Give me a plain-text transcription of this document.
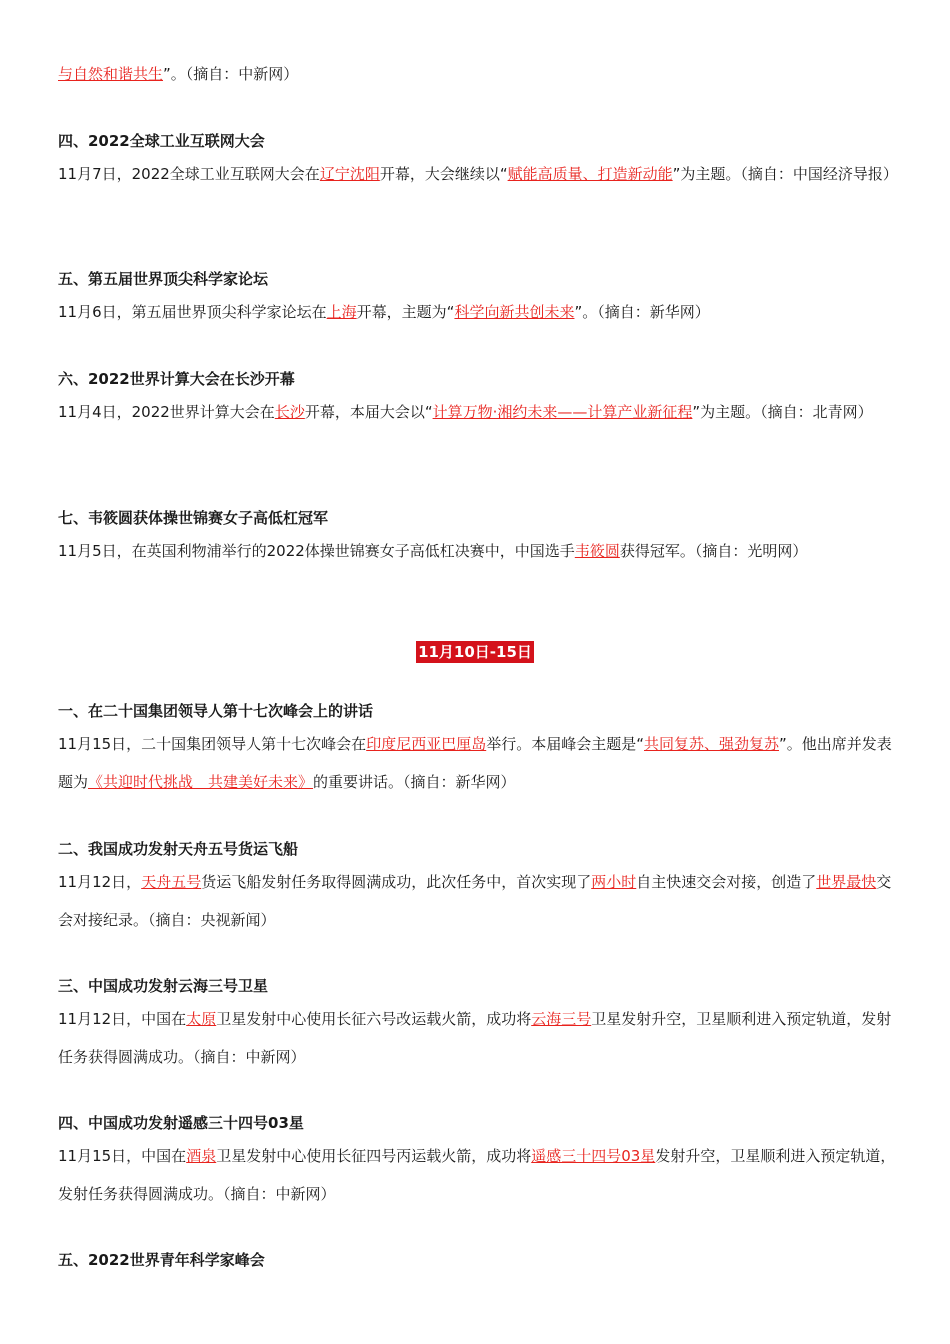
与自然和谐共生”。（摘自：中新网）

四、2022全球工业互联网大会

11月7日，2022全球工业互联网大会在辽宁沈阳开幕，大会继续以“赋能高质量、打造新动能”为主题。（摘自：中国经济导报）

五、第五届世界顶尖科学家论坛

11月6日，第五届世界顶尖科学家论坛在上海开幕，主题为“科学向新共创未来”。（摘自：新华网）

六、2022世界计算大会在长沙开幕

11月4日，2022世界计算大会在长沙开幕，本届大会以“计算万物·湘约未来——计算产业新征程”为主题。（摘自：北青网）

七、韦筱圆获体操世锦赛女子高低杠冠军

11月5日，在英国利物浦举行的2022体操世锦赛女子高低杠决赛中，中国选手韦筱圆获得冠军。（摘自：光明网）

11月10日-15日

一、在二十国集团领导人第十七次峰会上的讲话

11月15日，二十国集团领导人第十七次峰会在印度尼西亚巴厘岛举行。本届峰会主题是“共同复苏、强劲复苏”。他出席并发表题为《共迎时代挑战　共建美好未来》的重要讲话。（摘自：新华网）

二、我国成功发射天舟五号货运飞船

11月12日，天舟五号货运飞船发射任务取得圆满成功，此次任务中，首次实现了两小时自主快速交会对接，创造了世界最快交会对接纪录。（摘自：央视新闻）

三、中国成功发射云海三号卫星

11月12日，中国在太原卫星发射中心使用长征六号改运载火箭，成功将云海三号卫星发射升空，卫星顺利进入预定轨道，发射任务获得圆满成功。（摘自：中新网）

四、中国成功发射遥感三十四号03星

11月15日，中国在酒泉卫星发射中心使用长征四号丙运载火箭，成功将遥感三十四号03星发射升空，卫星顺利进入预定轨道，发射任务获得圆满成功。（摘自：中新网）

五、2022世界青年科学家峰会
